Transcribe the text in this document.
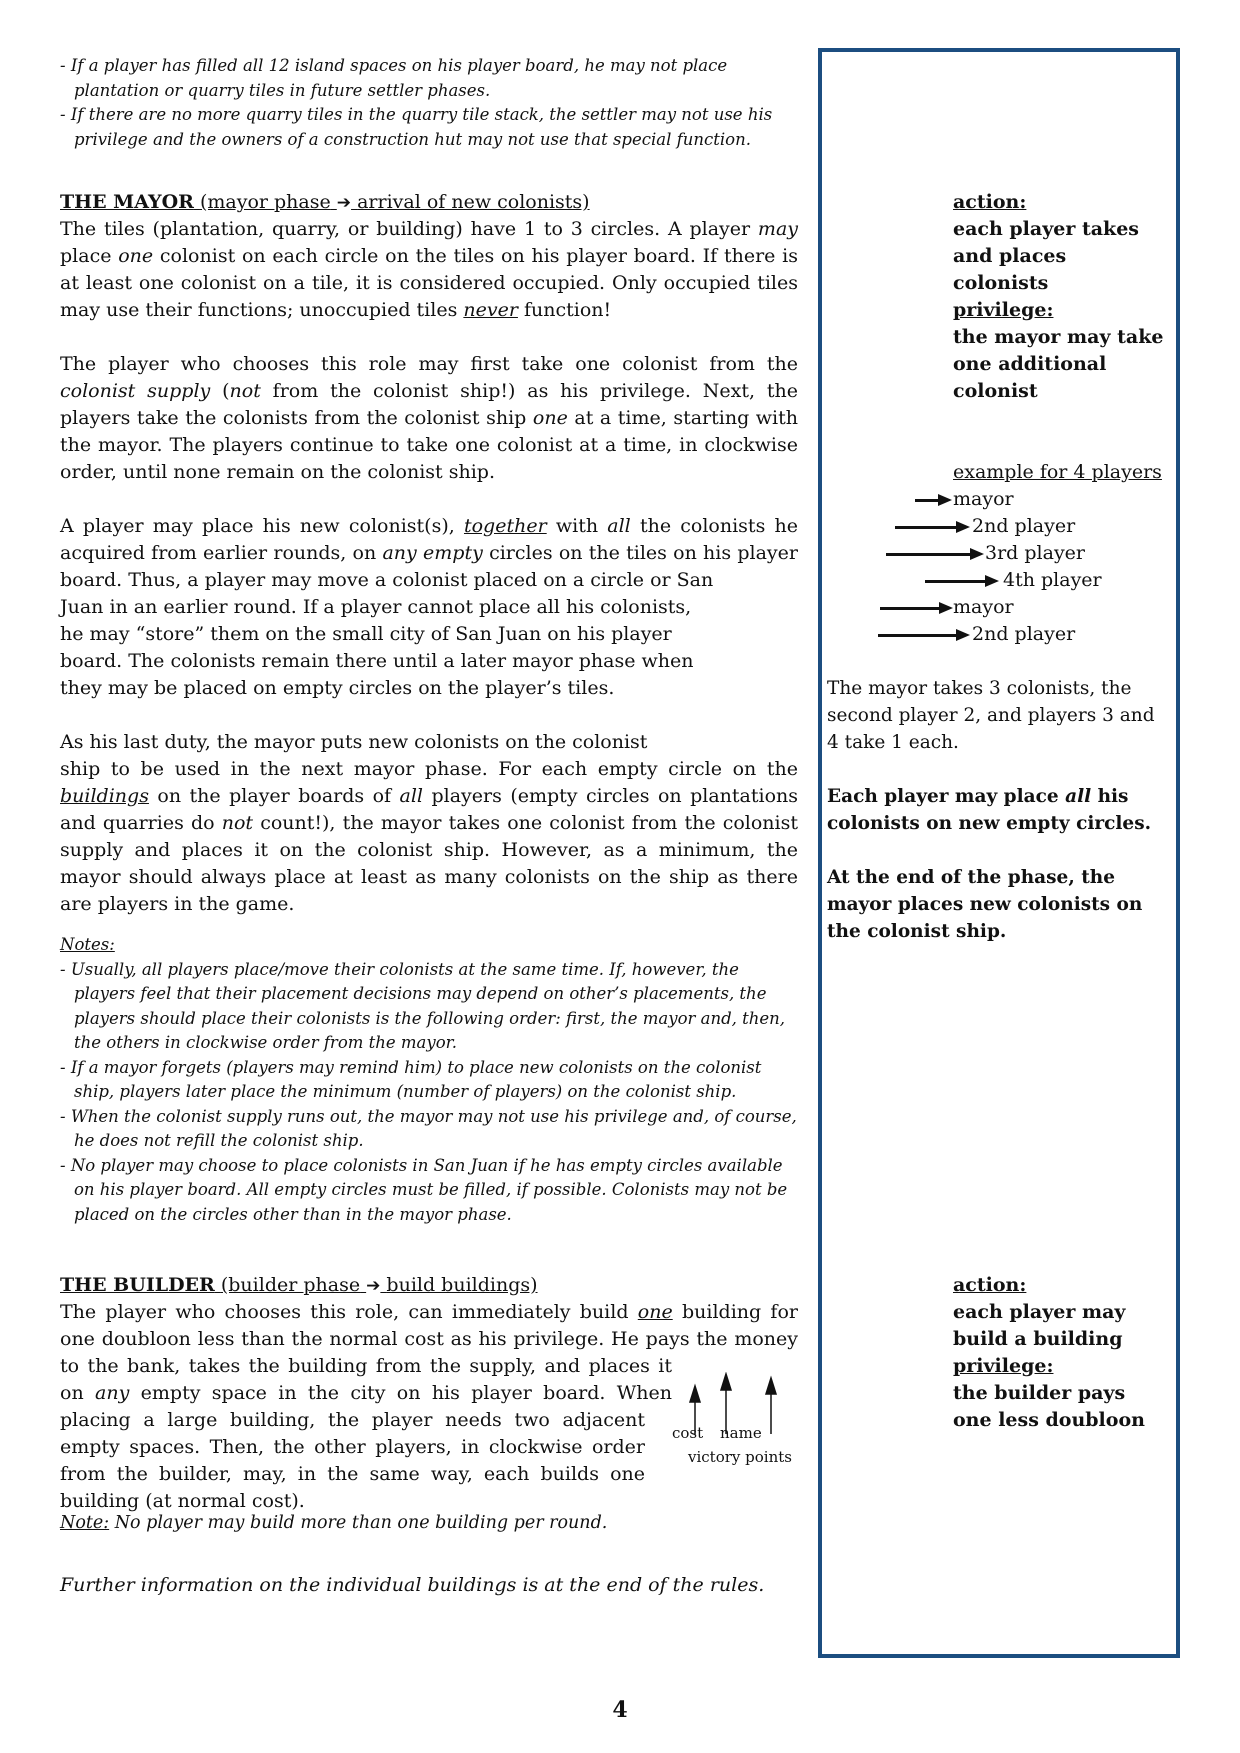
- If a player has filled all 12 island spaces on his player board, he may not place plantation or quarry tiles in future settler phases.
- If there are no more quarry tiles in the quarry tile stack, the settler may not use his privilege and the owners of a construction hut may not use that special function.
THE MAYOR (mayor phase ➔ arrival of new colonists)

The tiles (plantation, quarry, or building) have 1 to 3 circles. A player may place one colonist on each circle on the tiles on his player board. If there is at least one colonist on a tile, it is considered occupied. Only occupied tiles may use their functions; unoccupied tiles never function!

The player who chooses this role may first take one colonist from the colonist supply (not from the colonist ship!) as his privilege. Next, the players take the colonists from the colonist ship one at a time, starting with the mayor. The players continue to take one colonist at a time, in clockwise order, until none remain on the colonist ship.

A player may place his new colonist(s), together with all the colonists he acquired from earlier rounds, on any empty circles on the tiles on his player board. Thus, a player may move a colonist placed on a circle or San

Juan in an earlier round. If a player cannot place all his colonists,
he may “store” them on the small city of San Juan on his player
board. The colonists remain there until a later mayor phase when
they may be placed on empty circles on the player’s tiles.
As his last duty, the mayor puts new colonists on the colonist

ship to be used in the next mayor phase. For each empty circle on the buildings on the player boards of all players (empty circles on plantations and quarries do not count!), the mayor takes one colonist from the colonist supply and places it on the colonist ship. However, as a minimum, the mayor should always place at least as many colonists on the ship as there are players in the game.

Notes:
- Usually, all players place/move their colonists at the same time. If, however, the players feel that their placement decisions may depend on other’s placements, the players should place their colonists is the following order: first, the mayor and, then, the others in clockwise order from the mayor.
- If a mayor forgets (players may remind him) to place new colonists on the colonist ship, players later place the minimum (number of players) on the colonist ship.
- When the colonist supply runs out, the mayor may not use his privilege and, of course, he does not refill the colonist ship.
- No player may choose to place colonists in San Juan if he has empty circles available on his player board. All empty circles must be filled, if possible. Colonists may not be placed on the circles other than in the mayor phase.
THE BUILDER (builder phase ➔ build buildings)
The player who chooses this role, can immediately build one building for
one doubloon less than the normal cost as his privilege. He pays the money
to the bank, takes the building from the supply, and places it
on any empty space in the city on his player board. When
placing a large building, the player needs two adjacent
empty spaces. Then, the other players, in clockwise order
from the builder, may, in the same way, each builds one
building (at normal cost).
cost name
victory points
Note: No player may build more than one building per round.
Further information on the individual buildings is at the end of the rules.
action:
each player takes
and places
colonists
privilege:
the mayor may take
one additional
colonist
example for 4 players
mayor
2nd player
3rd player
4th player
mayor
2nd player
The mayor takes 3 colonists, the
second player 2, and players 3 and
4 take 1 each.
Each player may place all his
colonists on new empty circles.
At the end of the phase, the
mayor places new colonists on
the colonist ship.
action:
each player may
build a building
privilege:
the builder pays
one less doubloon
4
